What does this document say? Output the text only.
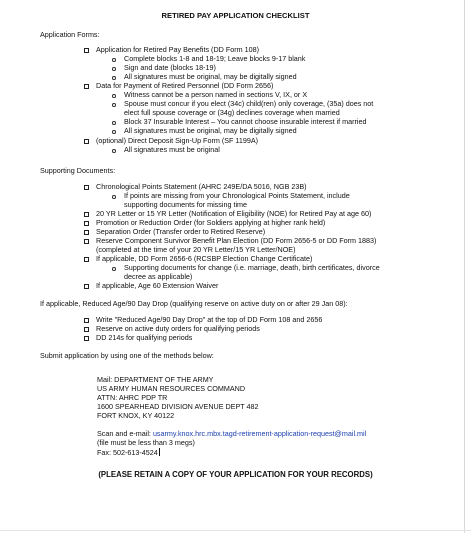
RETIRED PAY APPLICATION CHECKLIST
Application Forms:
Application for Retired Pay Benefits (DD Form 108)
Complete blocks 1-8 and 18-19; Leave blocks 9-17 blank
Sign and date (blocks 18-19)
All signatures must be original, may be digitally signed
Data for Payment of Retired Personnel (DD Form 2656)
Witness cannot be a person named in sections V, IX, or X
Spouse must concur if you elect (34c) child(ren) only coverage, (35a) does not
elect full spouse coverage or (34g) declines coverage when married
Block 37 Insurable Interest – You cannot choose insurable interest if married
All signatures must be original, may be digitally signed
(optional) Direct Deposit Sign-Up Form (SF 1199A)
All signatures must be original
Supporting Documents:
Chronological Points Statement (AHRC 249E/DA 5016, NGB 23B)
If points are missing from your Chronological Points Statement, include
supporting documents for missing time
20 YR Letter or 15 YR Letter (Notification of Eligibility (NOE) for Retired Pay at age 60)
Promotion or Reduction Order (for Soldiers applying at higher rank held)
Separation Order (Transfer order to Retired Reserve)
Reserve Component Survivor Benefit Plan Election (DD Form 2656-5 or DD Form 1883)
(completed at the time of your 20 YR Letter/15 YR Letter/NOE)
If applicable, DD Form 2656-6 (RCSBP Election Change Certificate)
Supporting documents for change (i.e. marriage, death, birth certificates, divorce
decree as applicable)
If applicable, Age 60 Extension Waiver
If applicable, Reduced Age/90 Day Drop (qualifying reserve on active duty on or after 29 Jan 08):
Write "Reduced Age/90 Day Drop" at the top of DD Form 108 and 2656
Reserve on active duty orders for qualifying periods
DD 214s for qualifying periods
Submit application by using one of the methods below:
Mail: DEPARTMENT OF THE ARMY
US ARMY HUMAN RESOURCES COMMAND
ATTN: AHRC PDP TR
1600 SPEARHEAD DIVISION AVENUE DEPT 482
FORT KNOX, KY 40122
Scan and e-mail: usarmy.knox.hrc.mbx.tagd-retirement-application-request@mail.mil
(file must be less than 3 megs)
Fax: 502-613-4524
(PLEASE RETAIN A COPY OF YOUR APPLICATION FOR YOUR RECORDS)
